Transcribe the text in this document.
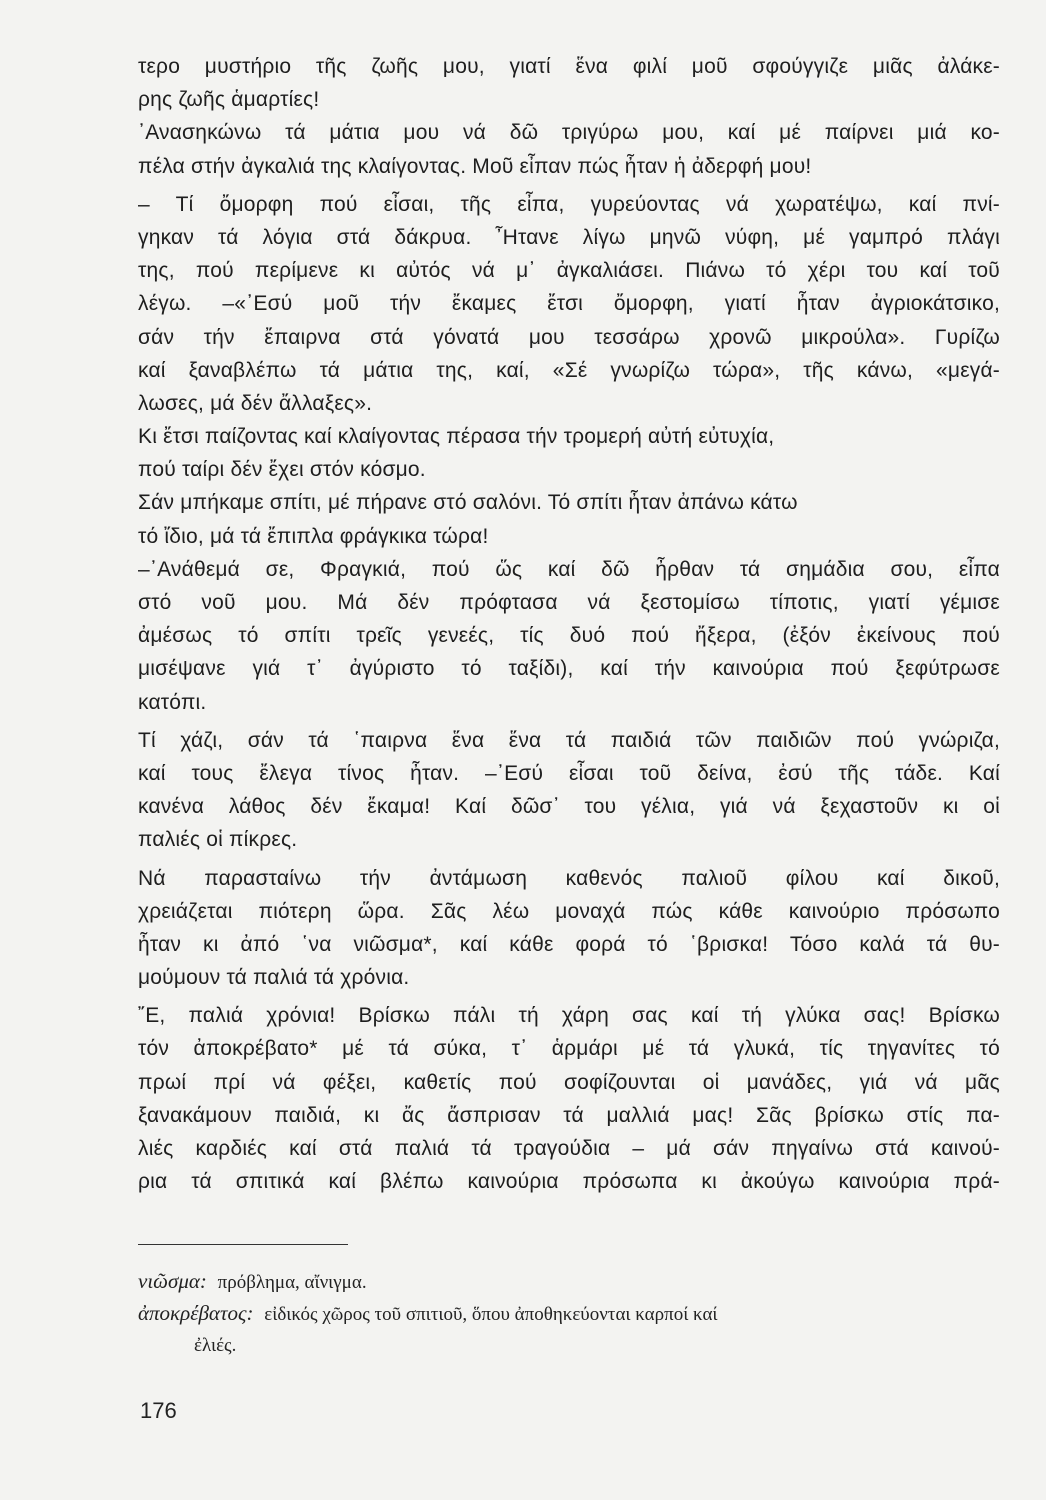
τερο μυστήριο τῆς ζωῆς μου, γιατί ἕνα φιλί μοῦ σφούγγιζε μιᾶς ἀλάκε-
ρης ζωῆς ἁμαρτίες!
᾿Ανασηκώνω τά μάτια μου νά δῶ τριγύρω μου, καί μέ παίρνει μιά κο-
πέλα στήν ἀγκαλιά της κλαίγοντας. Μοῦ εἶπαν πώς ἦταν ἡ ἀδερφή μου!
– Τί ὄμορφη πού εἶσαι, τῆς εἶπα, γυρεύοντας νά χωρατέψω, καί πνί-
γηκαν τά λόγια στά δάκρυα. ῏Ητανε λίγω μηνῶ νύφη, μέ γαμπρό πλάγι
της, πού περίμενε κι αὐτός νά μ᾿ ἀγκαλιάσει. Πιάνω τό χέρι του καί τοῦ
λέγω. –«᾿Εσύ μοῦ τήν ἔκαμες ἔτσι ὄμορφη, γιατί ἦταν ἀγριοκάτσικο,
σάν τήν ἔπαιρνα στά γόνατά μου τεσσάρω χρονῶ μικρούλα». Γυρίζω
καί ξαναβλέπω τά μάτια της, καί, «Σέ γνωρίζω τώρα», τῆς κάνω, «μεγά-
λωσες, μά δέν ἄλλαξες».
Κι ἔτσι παίζοντας καί κλαίγοντας πέρασα τήν τρομερή αὐτή εὐτυχία,
πού ταίρι δέν ἔχει στόν κόσμο.
Σάν μπήκαμε σπίτι, μέ πήρανε στό σαλόνι. Τό σπίτι ἦταν ἀπάνω κάτω
τό ἴδιο, μά τά ἔπιπλα φράγκικα τώρα!
–᾿Ανάθεμά σε, Φραγκιά, πού ὥς καί δῶ ἦρθαν τά σημάδια σου, εἶπα
στό νοῦ μου. Μά δέν πρόφτασα νά ξεστομίσω τίποτις, γιατί γέμισε
ἀμέσως τό σπίτι τρεῖς γενεές, τίς δυό πού ἤξερα, (ἐξόν ἐκείνους πού
μισέψανε γιά τ᾿ ἀγύριστο τό ταξίδι), καί τήν καινούρια πού ξεφύτρωσε
κατόπι.
Τί χάζι, σάν τά ῾παιρνα ἕνα ἕνα τά παιδιά τῶν παιδιῶν πού γνώριζα,
καί τους ἔλεγα τίνος ἦταν. –᾿Εσύ εἶσαι τοῦ δείνα, ἐσύ τῆς τάδε. Καί
κανένα λάθος δέν ἔκαμα! Καί δῶσ᾿ του γέλια, γιά νά ξεχαστοῦν κι οἱ
παλιές οἱ πίκρες.
Νά παρασταίνω τήν ἀντάμωση καθενός παλιοῦ φίλου καί δικοῦ,
χρειάζεται πιότερη ὥρα. Σᾶς λέω μοναχά πώς κάθε καινούριο πρόσωπο
ἦταν κι ἀπό ῾να νιῶσμα*, καί κάθε φορά τό ῾βρισκα! Τόσο καλά τά θυ-
μούμουν τά παλιά τά χρόνια.
῎Ε, παλιά χρόνια! Βρίσκω πάλι τή χάρη σας καί τή γλύκα σας! Βρίσκω
τόν ἀποκρέβατο* μέ τά σύκα, τ᾿ ἁρμάρι μέ τά γλυκά, τίς τηγανίτες τό
πρωί πρί νά φέξει, καθετίς πού σοφίζουνται οἱ μανάδες, γιά νά μᾶς
ξανακάμουν παιδιά, κι ἄς ἄσπρισαν τά μαλλιά μας! Σᾶς βρίσκω στίς πα-
λιές καρδιές καί στά παλιά τά τραγούδια – μά σάν πηγαίνω στά καινού-
ρια τά σπιτικά καί βλέπω καινούρια πρόσωπα κι ἀκούγω καινούρια πρά-
νιῶσμα: πρόβλημα, αἴνιγμα.
ἀποκρέβατος: εἰδικός χῶρος τοῦ σπιτιοῦ, ὅπου ἀποθηκεύονται καρποί καί
ἐλιές.
176
